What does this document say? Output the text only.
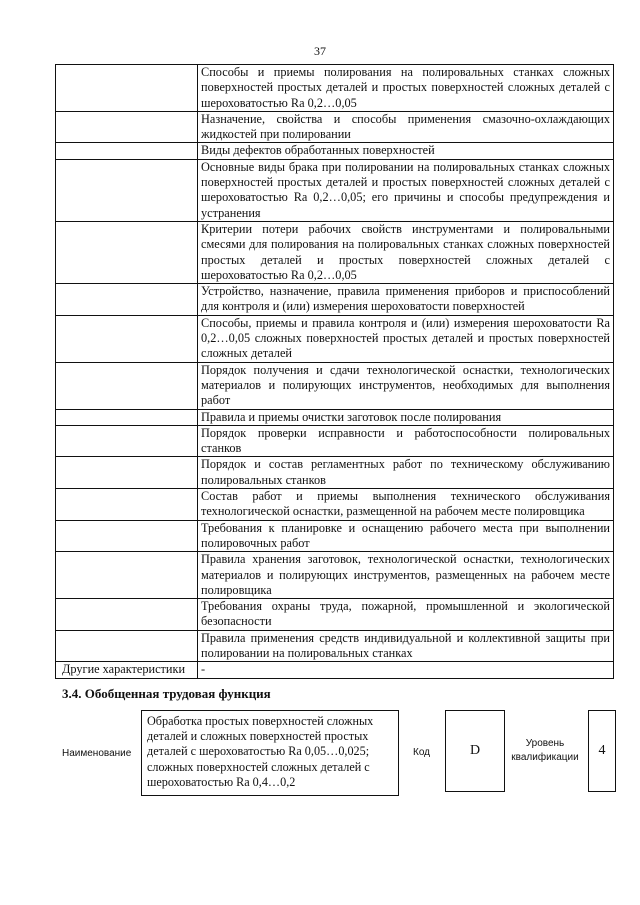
37
	Способы и приемы полирования на полировальных станках сложных поверхностей простых деталей и простых поверхностей сложных деталей с шероховатостью Ra 0,2…0,05
	Назначение, свойства и способы применения смазочно-охлаждающих жидкостей при полировании
	Виды дефектов обработанных поверхностей
	Основные виды брака при полировании на полировальных станках сложных поверхностей простых деталей и простых поверхностей сложных деталей с шероховатостью Ra 0,2…0,05; его причины и способы предупреждения и устранения
	Критерии потери рабочих свойств инструментами и полировальными смесями для полирования на полировальных станках сложных поверхностей простых деталей и простых поверхностей сложных деталей с шероховатостью Ra 0,2…0,05
	Устройство, назначение, правила применения приборов и приспособлений для контроля и (или) измерения шероховатости поверхностей
	Способы, приемы и правила контроля и (или) измерения шероховатости Ra 0,2…0,05 сложных поверхностей простых деталей и простых поверхностей сложных деталей
	Порядок получения и сдачи технологической оснастки, технологических материалов и полирующих инструментов, необходимых для выполнения работ
	Правила и приемы очистки заготовок после полирования
	Порядок проверки исправности и работоспособности полировальных станков
	Порядок и состав регламентных работ по техническому обслуживанию полировальных станков
	Состав работ и приемы выполнения технического обслуживания технологической оснастки, размещенной на рабочем месте полировщика
	Требования к планировке и оснащению рабочего места при выполнении полировочных работ
	Правила хранения заготовок, технологической оснастки, технологических материалов и полирующих инструментов, размещенных на рабочем месте полировщика
	Требования охраны труда, пожарной, промышленной и экологической безопасности
	Правила применения средств индивидуальной и коллективной защиты при полировании на полировальных станках
Другие характеристики	-
3.4. Обобщенная трудовая функция
Наименование
Обработка простых поверхностей сложных деталей и сложных поверхностей простых деталей с шероховатостью Ra 0,05…0,025; сложных поверхностей сложных деталей с шероховатостью Ra 0,4…0,2
Код	D	Уровень квалификации	4
